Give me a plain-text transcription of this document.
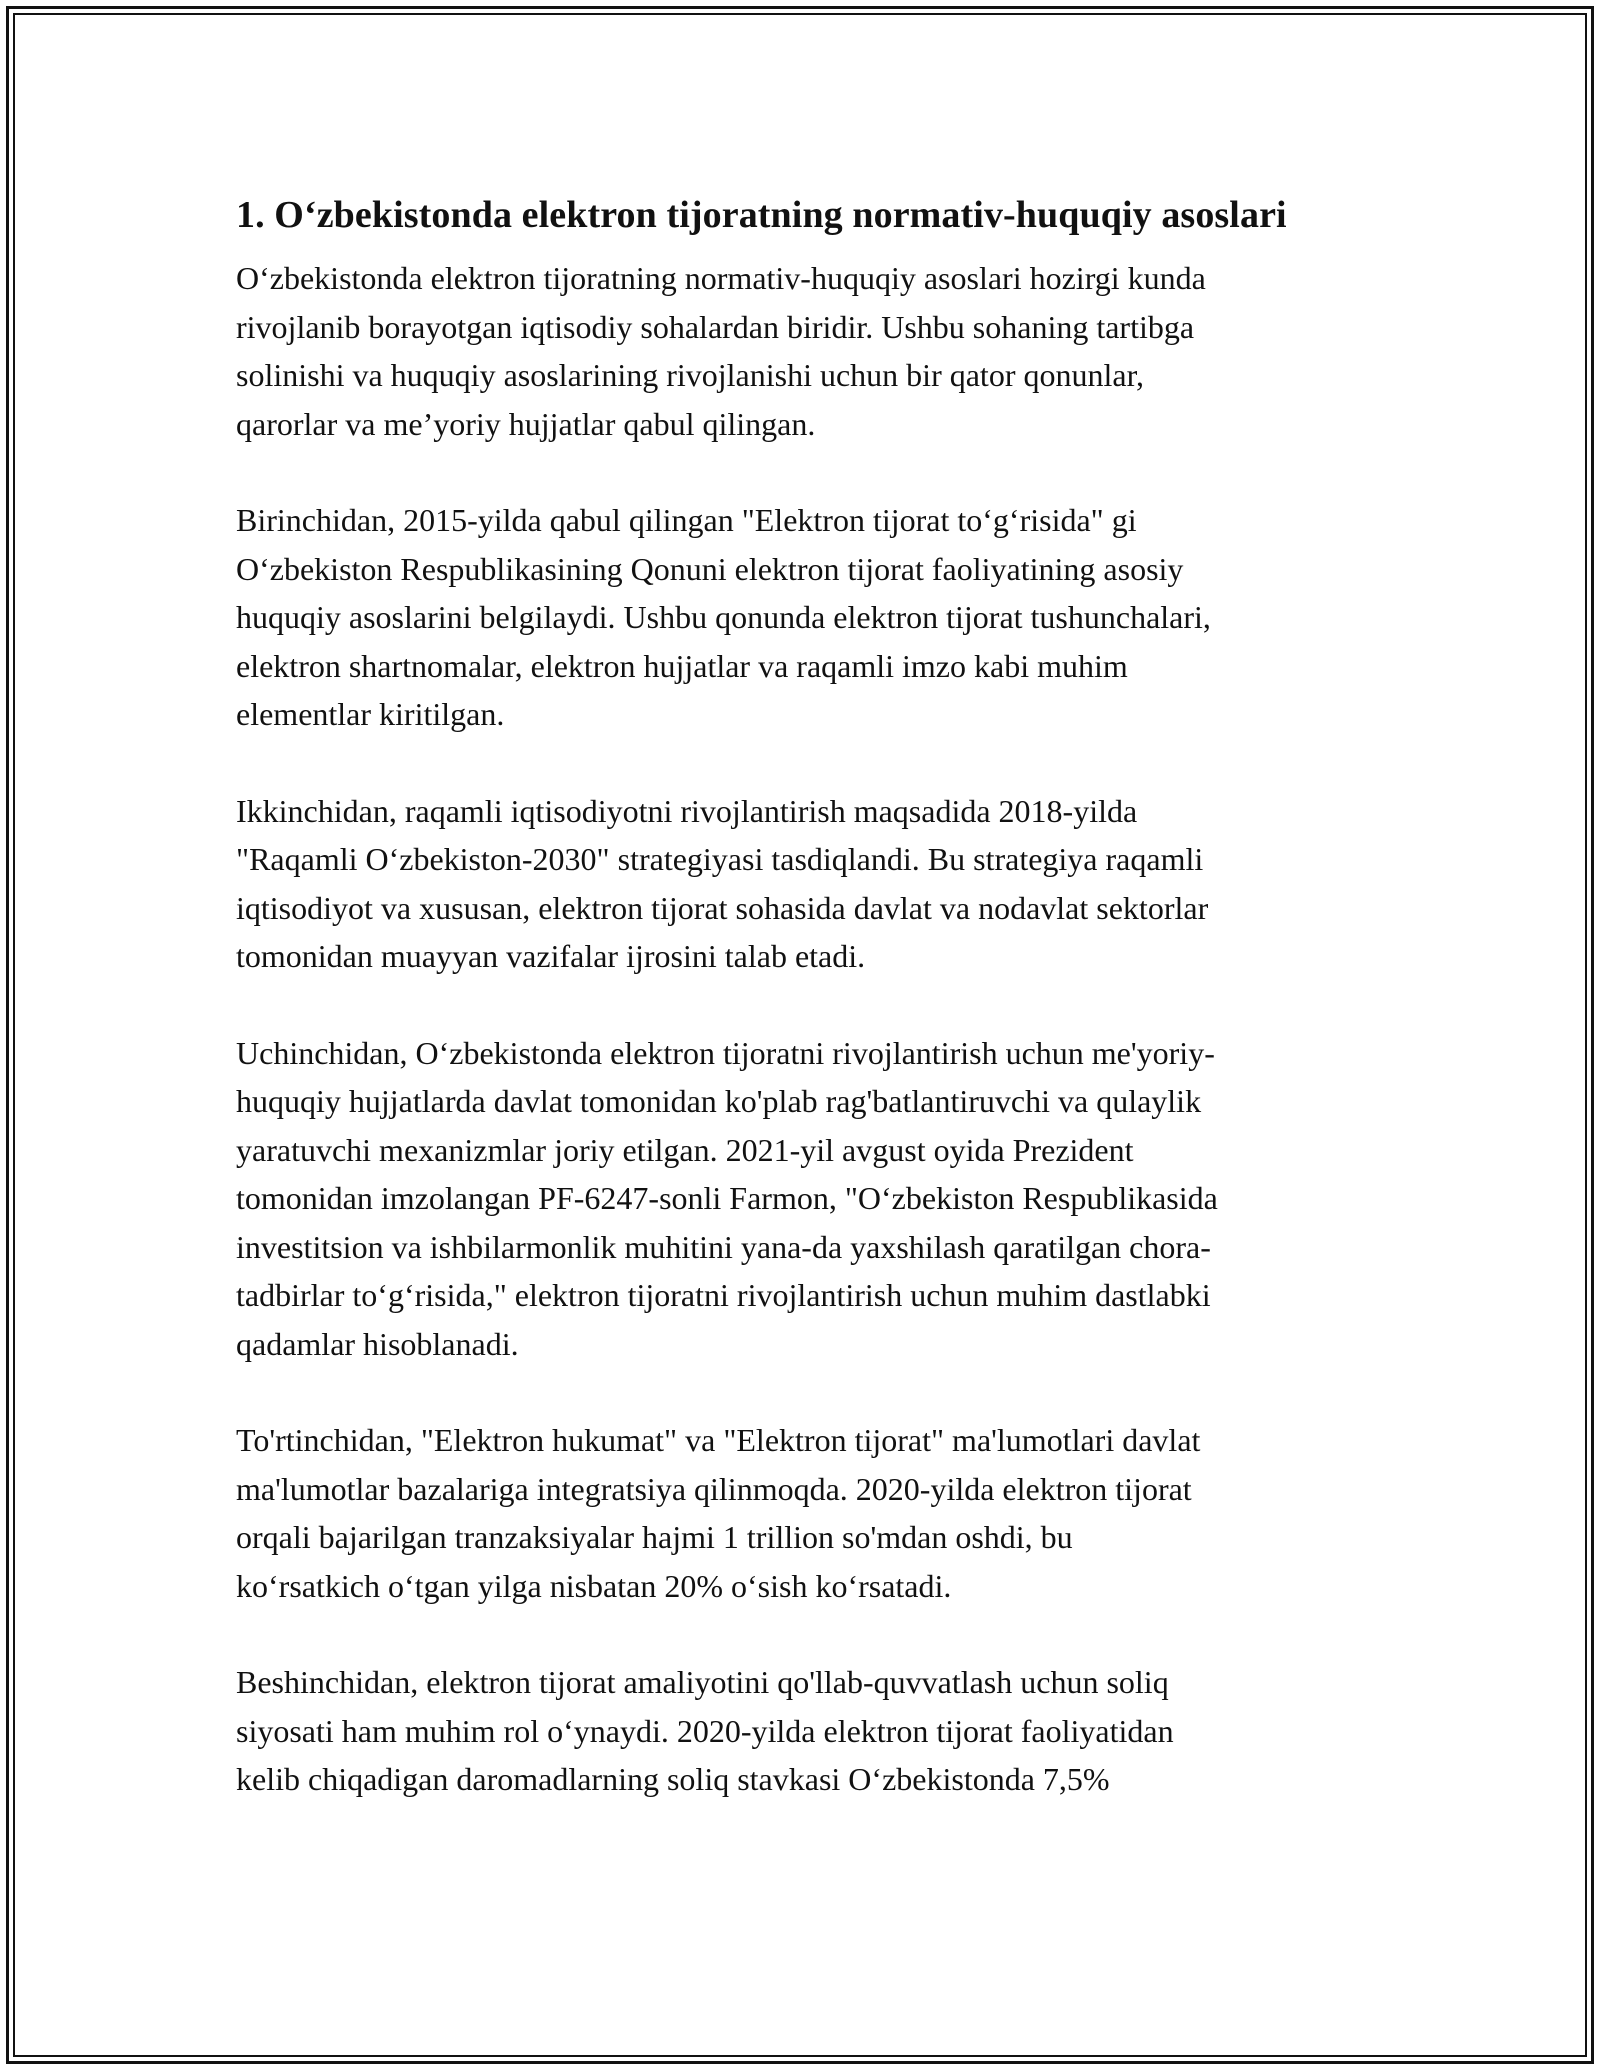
1. O‘zbekistonda elektron tijoratning normativ-huquqiy asoslari

O‘zbekistonda elektron tijoratning normativ-huquqiy asoslari hozirgi kunda
rivojlanib borayotgan iqtisodiy sohalardan biridir. Ushbu sohaning tartibga
solinishi va huquqiy asoslarining rivojlanishi uchun bir qator qonunlar,
qarorlar va me’yoriy hujjatlar qabul qilingan.

Birinchidan, 2015-yilda qabul qilingan "Elektron tijorat to‘g‘risida" gi
O‘zbekiston Respublikasining Qonuni elektron tijorat faoliyatining asosiy
huquqiy asoslarini belgilaydi. Ushbu qonunda elektron tijorat tushunchalari,
elektron shartnomalar, elektron hujjatlar va raqamli imzo kabi muhim
elementlar kiritilgan.

Ikkinchidan, raqamli iqtisodiyotni rivojlantirish maqsadida 2018-yilda
"Raqamli O‘zbekiston-2030" strategiyasi tasdiqlandi. Bu strategiya raqamli
iqtisodiyot va xususan, elektron tijorat sohasida davlat va nodavlat sektorlar
tomonidan muayyan vazifalar ijrosini talab etadi.

Uchinchidan, O‘zbekistonda elektron tijoratni rivojlantirish uchun me'yoriy-
huquqiy hujjatlarda davlat tomonidan ko'plab rag'batlantiruvchi va qulaylik
yaratuvchi mexanizmlar joriy etilgan. 2021-yil avgust oyida Prezident
tomonidan imzolangan PF-6247-sonli Farmon, "O‘zbekiston Respublikasida
investitsion va ishbilarmonlik muhitini yana-da yaxshilash qaratilgan chora-
tadbirlar to‘g‘risida," elektron tijoratni rivojlantirish uchun muhim dastlabki
qadamlar hisoblanadi.

To'rtinchidan, "Elektron hukumat" va "Elektron tijorat" ma'lumotlari davlat
ma'lumotlar bazalariga integratsiya qilinmoqda. 2020-yilda elektron tijorat
orqali bajarilgan tranzaksiyalar hajmi 1 trillion so'mdan oshdi, bu
ko‘rsatkich o‘tgan yilga nisbatan 20% o‘sish ko‘rsatadi.

Beshinchidan, elektron tijorat amaliyotini qo'llab-quvvatlash uchun soliq
siyosati ham muhim rol o‘ynaydi. 2020-yilda elektron tijorat faoliyatidan
kelib chiqadigan daromadlarning soliq stavkasi O‘zbekistonda 7,5%
